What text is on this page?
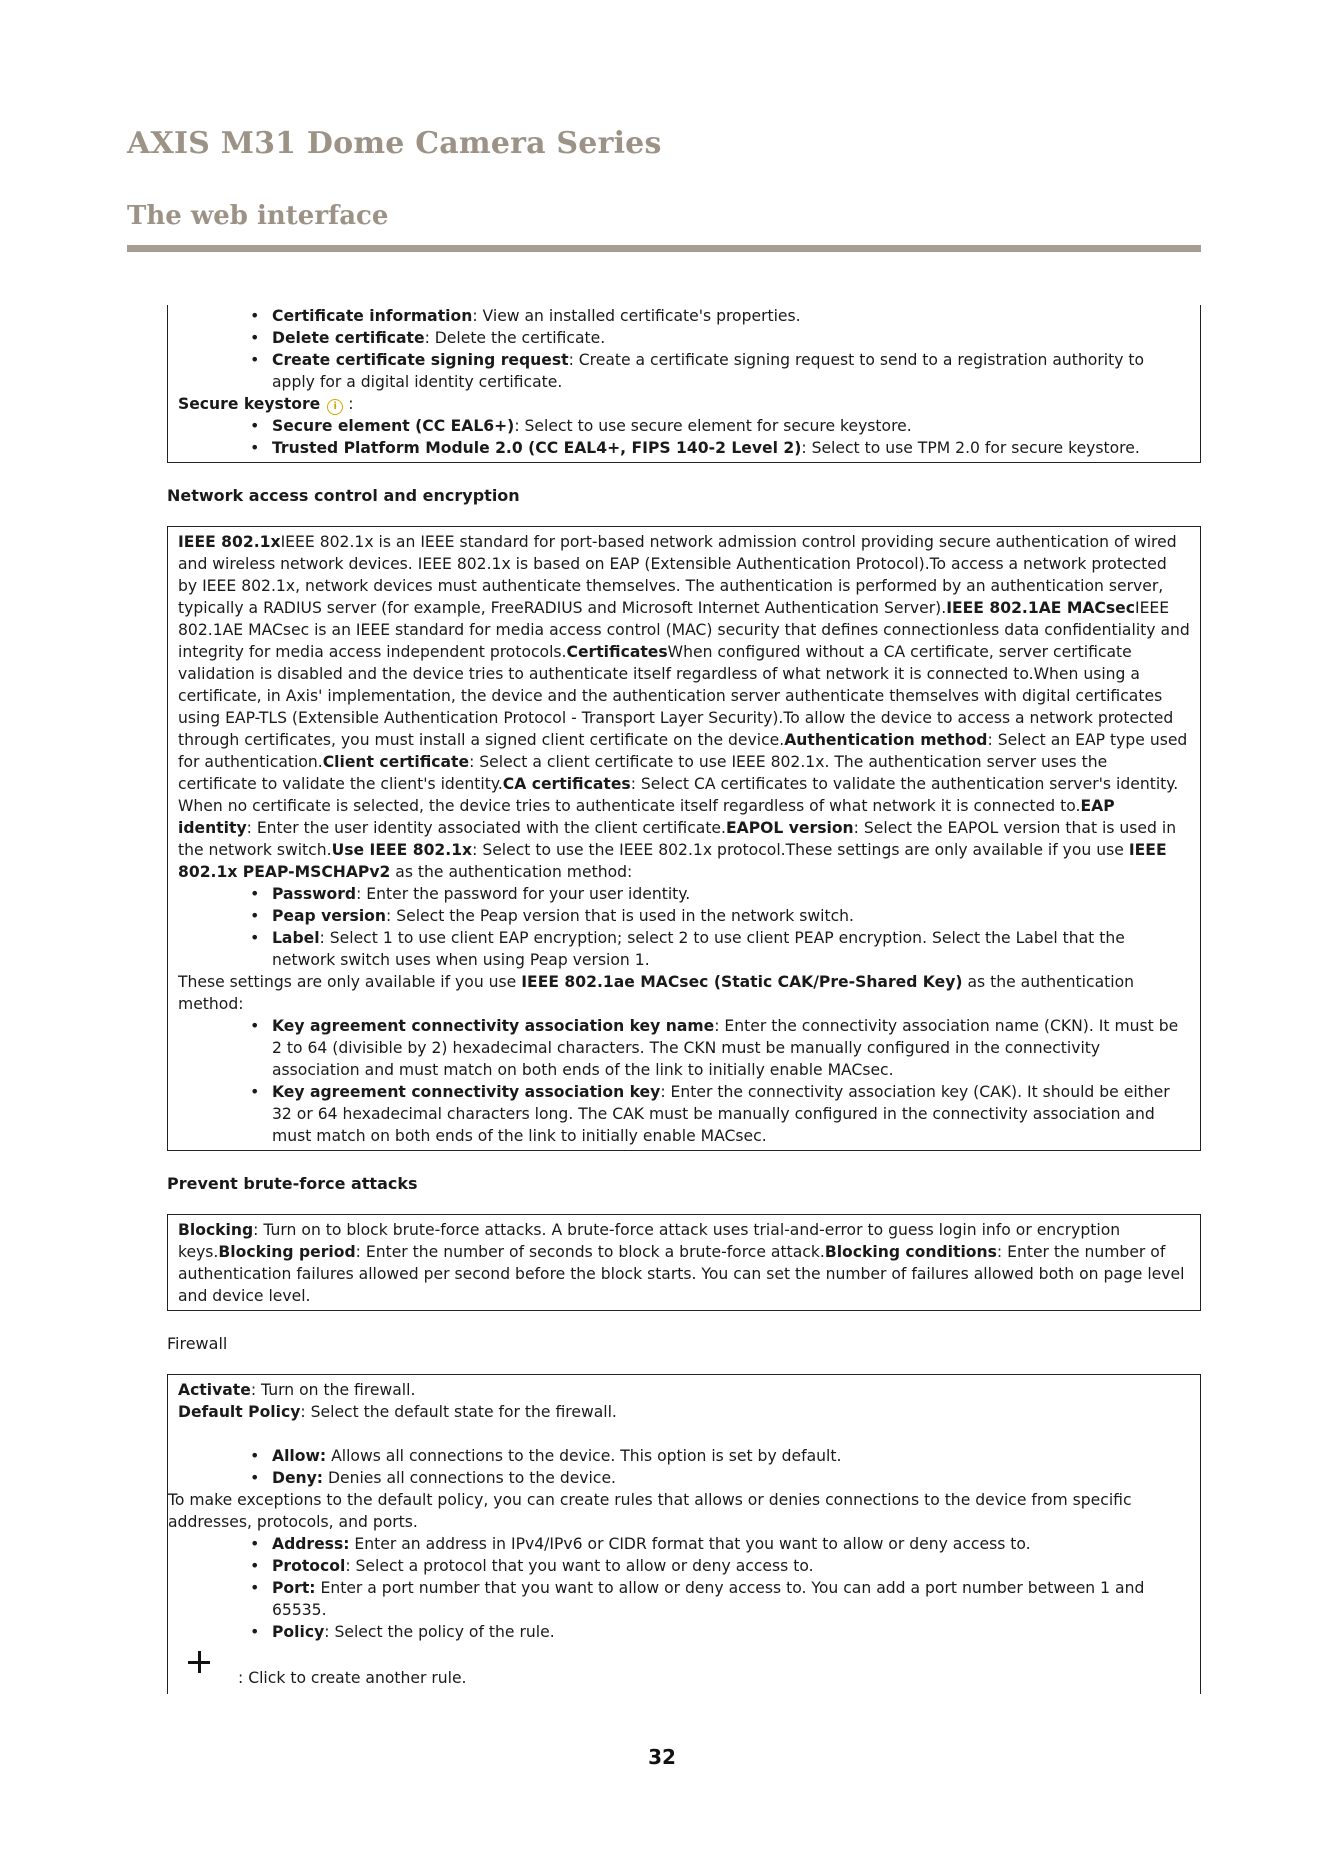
AXIS M31 Dome Camera Series
The web interface
• Certificate information: View an installed certificate's properties.
• Delete certificate: Delete the certificate.
• Create certificate signing request: Create a certificate signing request to send to a registration authority to apply for a digital identity certificate.

Secure keystore i :

• Secure element (CC EAL6+): Select to use secure element for secure keystore.
• Trusted Platform Module 2.0 (CC EAL4+, FIPS 140-2 Level 2): Select to use TPM 2.0 for secure keystore.
Network access control and encryption

IEEE 802.1xIEEE 802.1x is an IEEE standard for port-based network admission control providing secure authentication of wired and wireless network devices. IEEE 802.1x is based on EAP (Extensible Authentication Protocol).To access a network protected by IEEE 802.1x, network devices must authenticate themselves. The authentication is performed by an authentication server, typically a RADIUS server (for example, FreeRADIUS and Microsoft Internet Authentication Server).IEEE 802.1AE MACsecIEEE 802.1AE MACsec is an IEEE standard for media access control (MAC) security that defines connectionless data confidentiality and integrity for media access independent protocols.CertificatesWhen configured without a CA certificate, server certificate validation is disabled and the device tries to authenticate itself regardless of what network it is connected to.When using a certificate, in Axis' implementation, the device and the authentication server authenticate themselves with digital certificates using EAP-TLS (Extensible Authentication Protocol - Transport Layer Security).To allow the device to access a network protected through certificates, you must install a signed client certificate on the device.Authentication method: Select an EAP type used for authentication.Client certificate: Select a client certificate to use IEEE 802.1x. The authentication server uses the certificate to validate the client's identity.CA certificates: Select CA certificates to validate the authentication server's identity. When no certificate is selected, the device tries to authenticate itself regardless of what network it is connected to.EAP identity: Enter the user identity associated with the client certificate.EAPOL version: Select the EAPOL version that is used in the network switch.Use IEEE 802.1x: Select to use the IEEE 802.1x protocol.These settings are only available if you use IEEE 802.1x PEAP-MSCHAPv2 as the authentication method:

• Password: Enter the password for your user identity.
• Peap version: Select the Peap version that is used in the network switch.
• Label: Select 1 to use client EAP encryption; select 2 to use client PEAP encryption. Select the Label that the network switch uses when using Peap version 1.

These settings are only available if you use IEEE 802.1ae MACsec (Static CAK/Pre-Shared Key) as the authentication method:

• Key agreement connectivity association key name: Enter the connectivity association name (CKN). It must be 2 to 64 (divisible by 2) hexadecimal characters. The CKN must be manually configured in the connectivity association and must match on both ends of the link to initially enable MACsec.
• Key agreement connectivity association key: Enter the connectivity association key (CAK). It should be either 32 or 64 hexadecimal characters long. The CAK must be manually configured in the connectivity association and must match on both ends of the link to initially enable MACsec.
Prevent brute-force attacks

Blocking: Turn on to block brute-force attacks. A brute-force attack uses trial-and-error to guess login info or encryption keys.Blocking period: Enter the number of seconds to block a brute-force attack.Blocking conditions: Enter the number of authentication failures allowed per second before the block starts. You can set the number of failures allowed both on page level and device level.

Firewall

Activate: Turn on the firewall.

Default Policy: Select the default state for the firewall.

• Allow: Allows all connections to the device. This option is set by default.
• Deny: Denies all connections to the device.

To make exceptions to the default policy, you can create rules that allows or denies connections to the device from specific addresses, protocols, and ports.

• Address: Enter an address in IPv4/IPv6 or CIDR format that you want to allow or deny access to.
• Protocol: Select a protocol that you want to allow or deny access to.
• Port: Enter a port number that you want to allow or deny access to. You can add a port number between 1 and 65535.
• Policy: Select the policy of the rule.
: Click to create another rule.
32
